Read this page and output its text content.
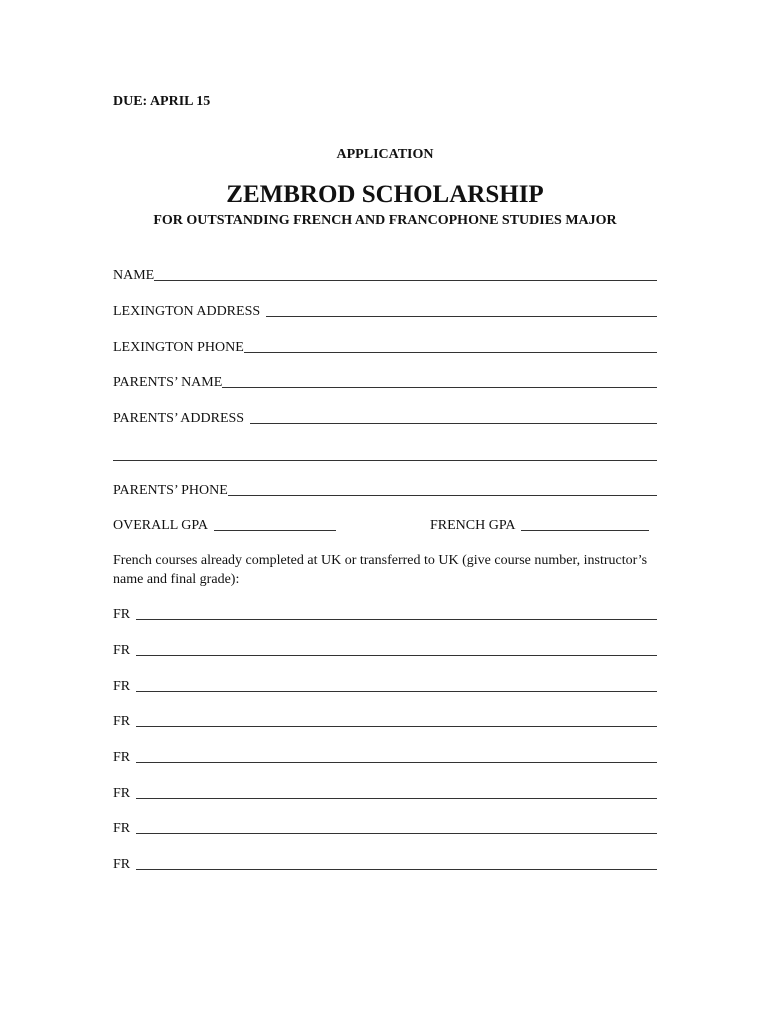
DUE: APRIL 15
APPLICATION
ZEMBROD SCHOLARSHIP
FOR OUTSTANDING FRENCH AND FRANCOPHONE STUDIES MAJOR
NAME
LEXINGTON ADDRESS
LEXINGTON PHONE
PARENTS’ NAME
PARENTS’ ADDRESS
PARENTS’ PHONE
OVERALL GPA	FRENCH GPA
French courses already completed at UK or transferred to UK (give course number, instructor’s name and final grade):
FR
FR
FR
FR
FR
FR
FR
FR
